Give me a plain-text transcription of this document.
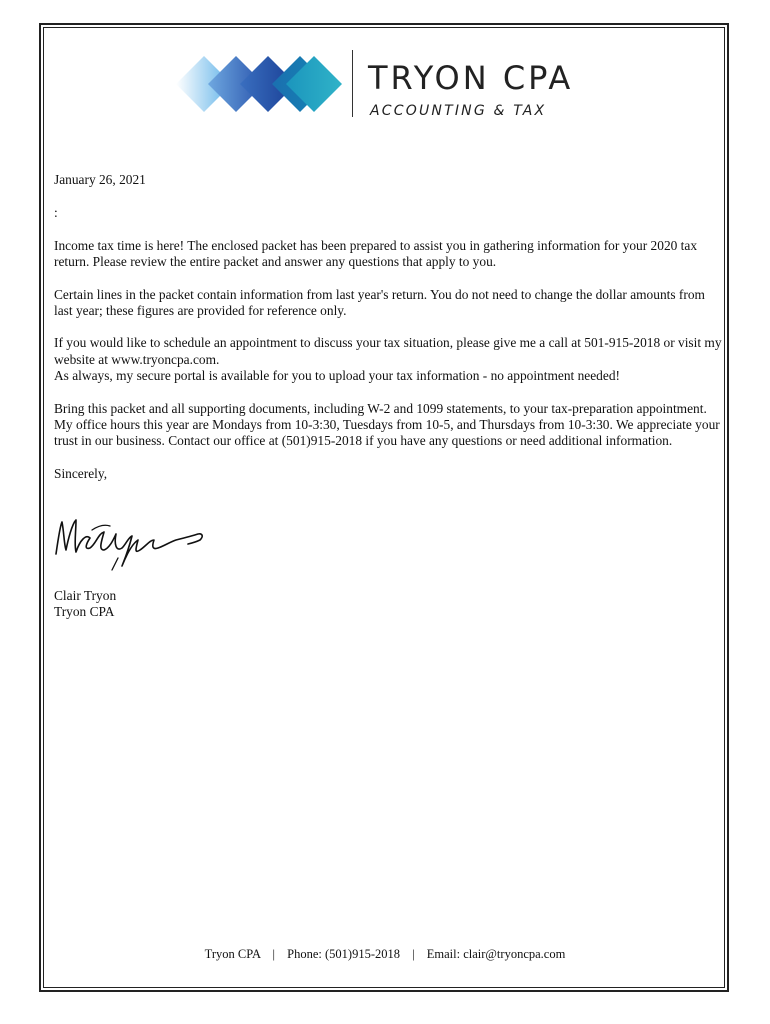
TRYON CPA
ACCOUNTING & TAX

January 26, 2021

:

Income tax time is here! The enclosed packet has been prepared to assist you in gathering information for your 2020 tax return. Please review the entire packet and answer any questions that apply to you.

Certain lines in the packet contain information from last year's return. You do not need to change the dollar amounts from last year; these figures are provided for reference only.

If you would like to schedule an appointment to discuss your tax situation, please give me a call at 501-915-2018 or visit my website at www.tryoncpa.com.

As always, my secure portal is available for you to upload your tax information - no appointment needed!

Bring this packet and all supporting documents, including W-2 and 1099 statements, to your tax-preparation appointment. My office hours this year are Mondays from 10-3:30, Tuesdays from 10-5, and Thursdays from 10-3:30. We appreciate your trust in our business. Contact our office at (501)915-2018 if you have any questions or need additional information.

Sincerely,

Clair Tryon
Tryon CPA
Tryon CPA | Phone: (501)915-2018 | Email: clair@tryoncpa.com
